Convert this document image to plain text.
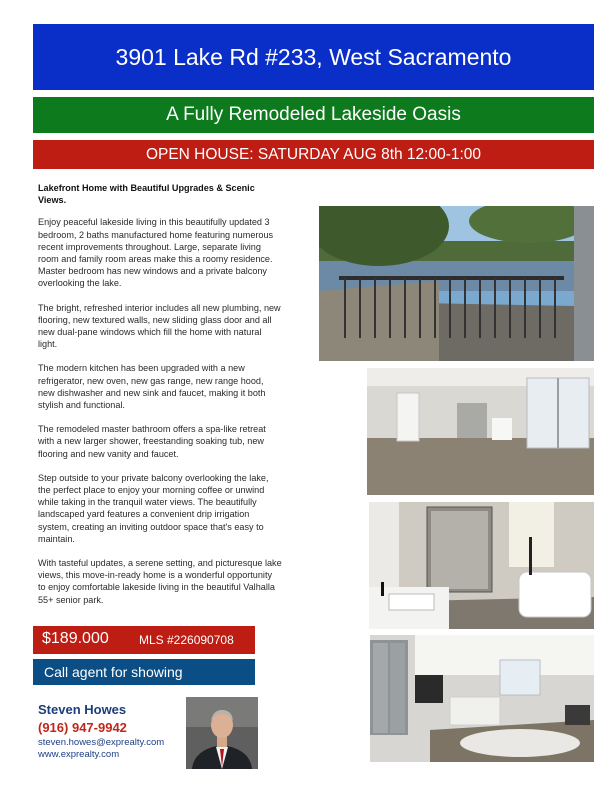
3901 Lake Rd #233, West Sacramento
A Fully Remodeled Lakeside Oasis
OPEN HOUSE: SATURDAY AUG 8th 12:00-1:00
Lakefront Home with Beautiful Upgrades & Scenic Views.

Enjoy peaceful lakeside living in this beautifully updated 3 bedroom, 2 baths manufactured home featuring numerous recent improvements throughout. Large, separate living room and family room areas make this a roomy residence. Master bedroom has new windows and a private balcony overlooking the lake.

The bright, refreshed interior includes all new plumbing, new flooring, new textured walls, new sliding glass door and all new dual-pane windows which fill the home with natural light.

The modern kitchen has been upgraded with a new refrigerator, new oven, new gas range, new range hood, new dishwasher and new sink and faucet, making it both stylish and functional.

The remodeled master bathroom offers a spa-like retreat with a new larger shower, freestanding soaking tub, new flooring and new vanity and faucet.

Step outside to your private balcony overlooking the lake, the perfect place to enjoy your morning coffee or unwind while taking in the tranquil water views. The beautifully landscaped yard features a convenient drip irrigation system, creating an inviting outdoor space that's easy to maintain.

With tasteful updates, a serene setting, and picturesque lake views, this move-in-ready home is a wonderful opportunity to enjoy comfortable lakeside living in the beautiful Valhalla 55+ senior park.

$189.000	MLS #226090708
Call agent for showing
Steven Howes
(916) 947-9942
steven.howes@exprealty.com
www.exprealty.com
